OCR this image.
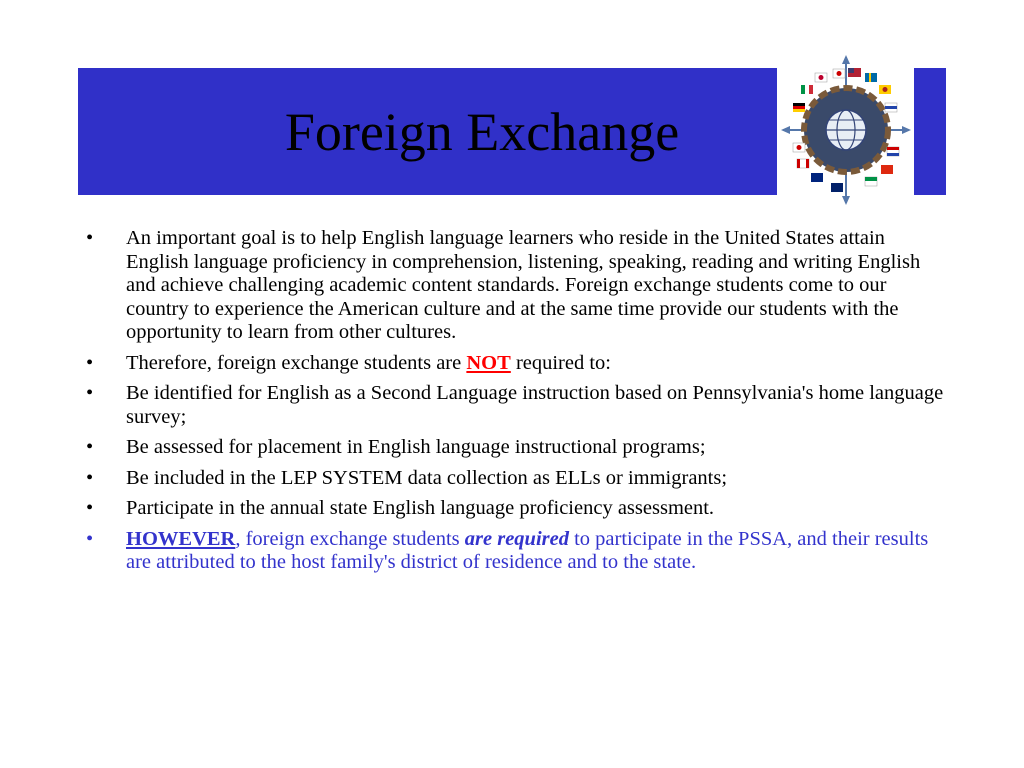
Foreign Exchange
• An important goal is to help English language learners who reside in the United States attain English language proficiency in comprehension, listening, speaking, reading and writing English and achieve challenging academic content standards. Foreign exchange students come to our country to experience the American culture and at the same time provide our students with the opportunity to learn from other cultures.
• Therefore, foreign exchange students are NOT required to:
• Be identified for English as a Second Language instruction based on Pennsylvania's home language survey;
• Be assessed for placement in English language instructional programs;
• Be included in the LEP SYSTEM data collection as ELLs or immigrants;
• Participate in the annual state English language proficiency assessment.
• HOWEVER, foreign exchange students are required to participate in the PSSA, and their results are attributed to the host family's district of residence and to the state.
